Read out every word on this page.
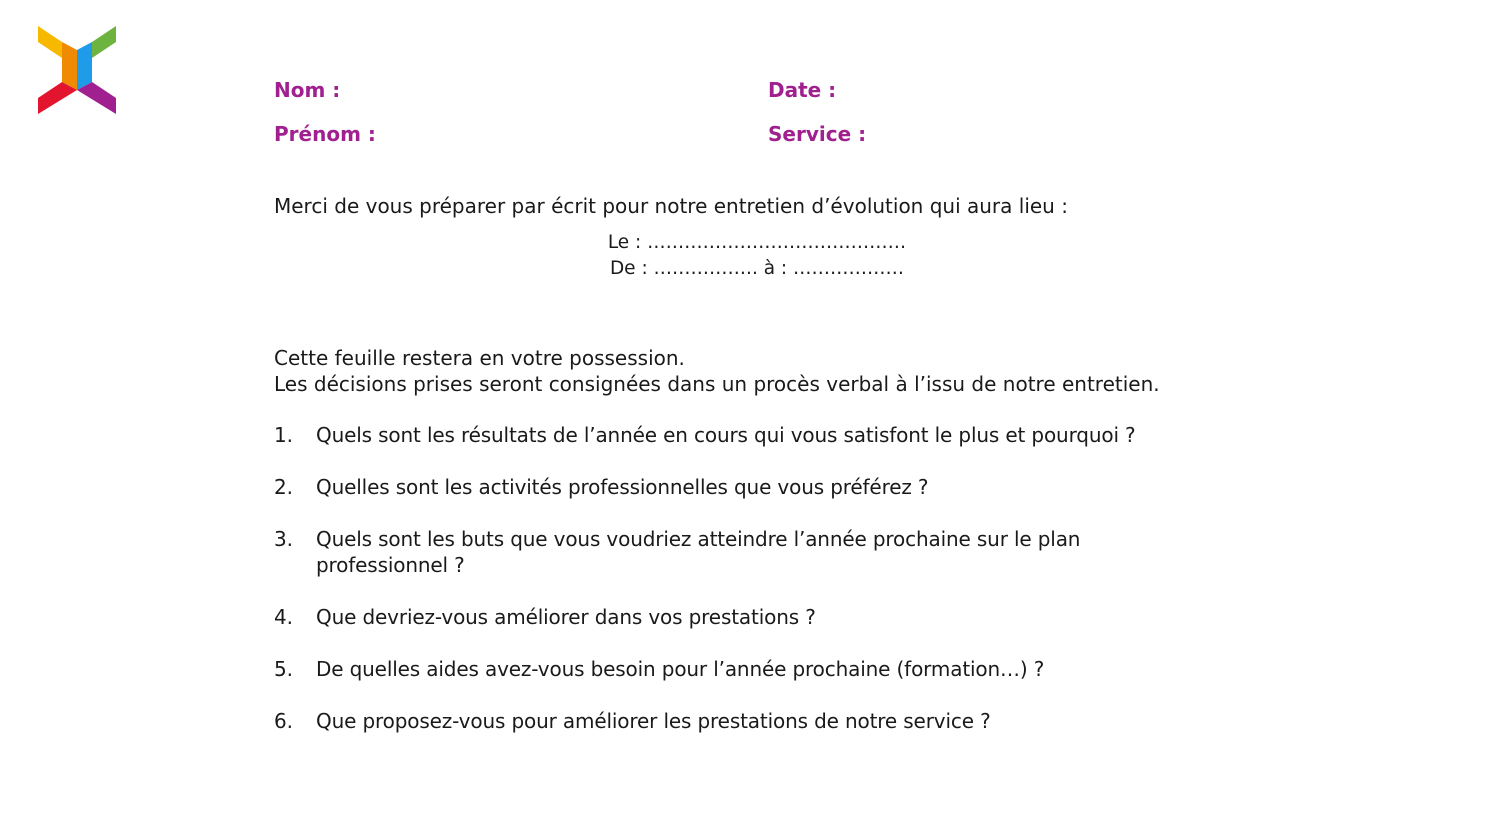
Nom :	Date :
Prénom :	Service :
Merci de vous préparer par écrit pour notre entretien d’évolution qui aura lieu :
Le : ……………………………………
De : …………….. à : ………………
Cette feuille restera en votre possession.
Les décisions prises seront consignées dans un procès verbal à l’issu de notre entretien.
1. Quels sont les résultats de l’année en cours qui vous satisfont le plus et pourquoi ?
2. Quelles sont les activités professionnelles que vous préférez ?
3. Quels sont les buts que vous voudriez atteindre l’année prochaine sur le plan professionnel ?
4. Que devriez-vous améliorer dans vos prestations ?
5. De quelles aides avez-vous besoin pour l’année prochaine (formation…) ?
6. Que proposez-vous pour améliorer les prestations de notre service ?
